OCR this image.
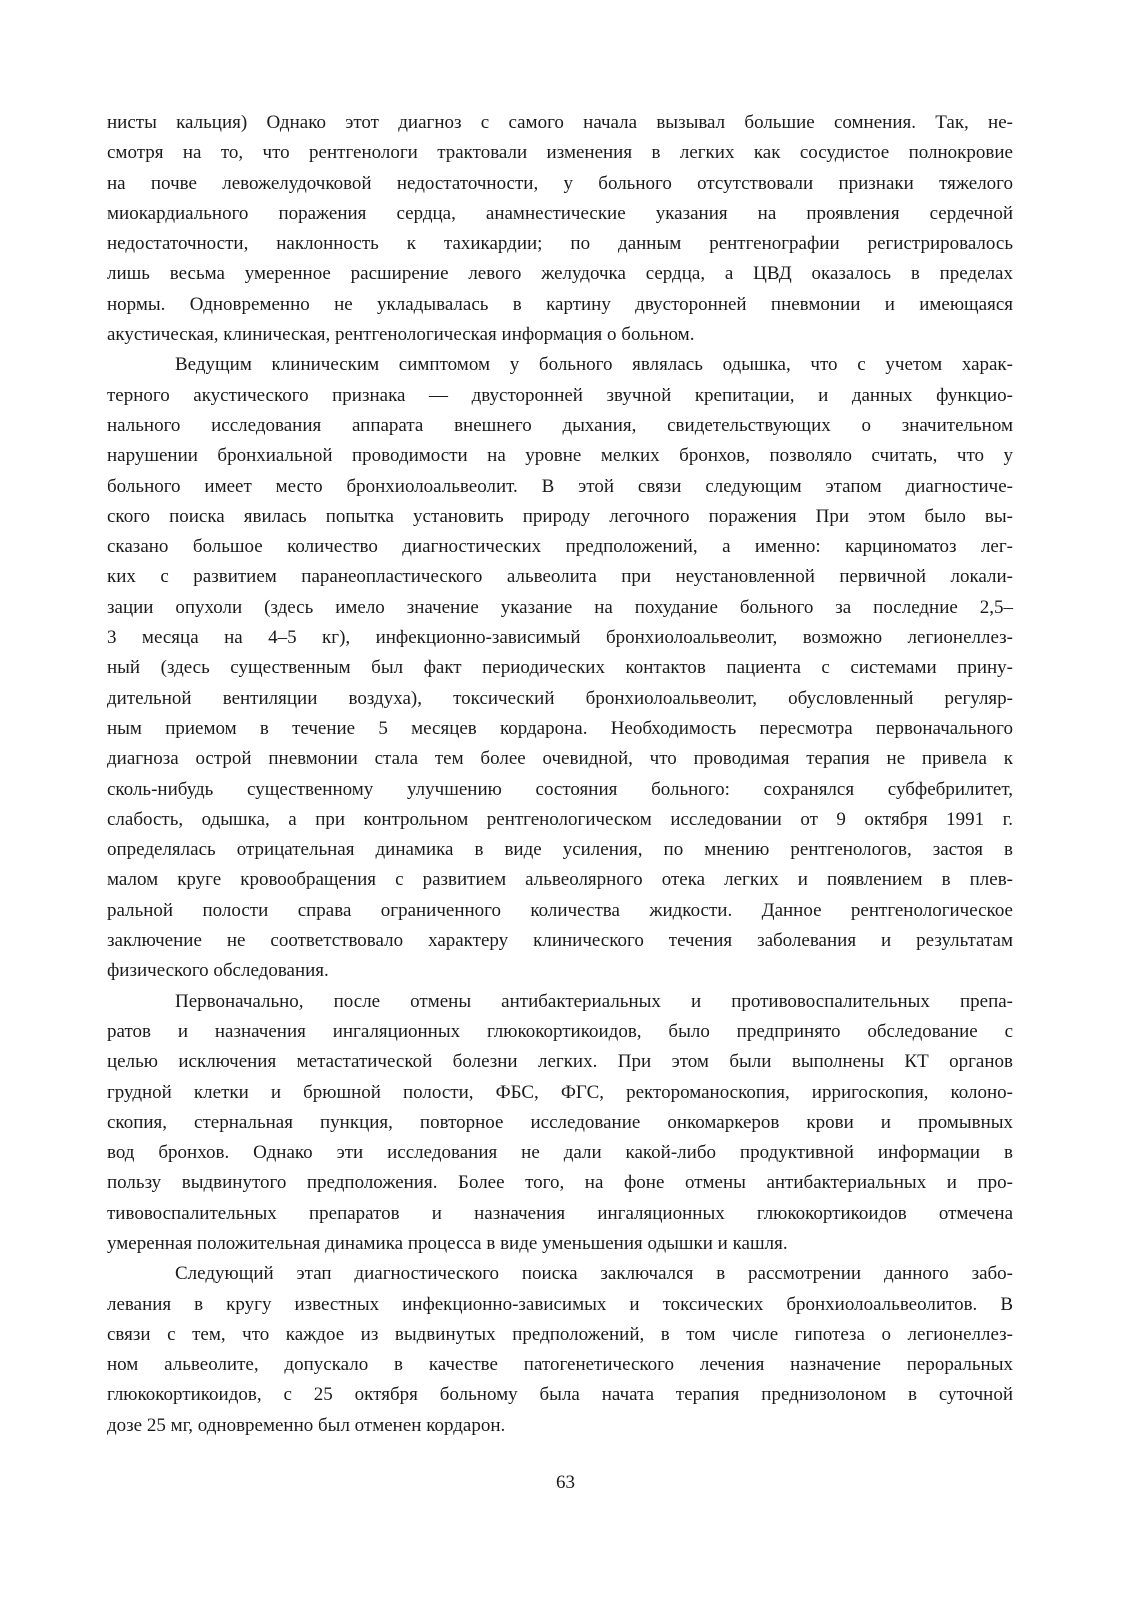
нисты кальция) Однако этот диагноз с самого начала вызывал большие сомнения. Так, не-
смотря на то, что рентгенологи трактовали изменения в легких как сосудистое полнокровие
на почве левожелудочковой недостаточности, у больного отсутствовали признаки тяжелого
миокардиального поражения сердца, анамнестические указания на проявления сердечной
недостаточности, наклонность к тахикардии; по данным рентгенографии регистрировалось
лишь весьма умеренное расширение левого желудочка сердца, а ЦВД оказалось в пределах
нормы. Одновременно не укладывалась в картину двусторонней пневмонии и имеющаяся
акустическая, клиническая, рентгенологическая информация о больном.
Ведущим клиническим симптомом у больного являлась одышка, что с учетом харак-
терного акустического признака — двусторонней звучной крепитации, и данных функцио-
нального исследования аппарата внешнего дыхания, свидетельствующих о значительном
нарушении бронхиальной проводимости на уровне мелких бронхов, позволяло считать, что у
больного имеет место бронхиолоальвеолит. В этой связи следующим этапом диагностиче-
ского поиска явилась попытка установить природу легочного поражения При этом было вы-
сказано большое количество диагностических предположений, а именно: карциноматоз лег-
ких с развитием паранеопластического альвеолита при неустановленной первичной локали-
зации опухоли (здесь имело значение указание на похудание больного за последние 2,5–
3 месяца на 4–5 кг), инфекционно-зависимый бронхиолоальвеолит, возможно легионеллез-
ный (здесь существенным был факт периодических контактов пациента с системами прину-
дительной вентиляции воздуха), токсический бронхиолоальвеолит, обусловленный регуляр-
ным приемом в течение 5 месяцев кордарона. Необходимость пересмотра первоначального
диагноза острой пневмонии стала тем более очевидной, что проводимая терапия не привела к
сколь-нибудь существенному улучшению состояния больного: сохранялся субфебрилитет,
слабость, одышка, а при контрольном рентгенологическом исследовании от 9 октября 1991 г.
определялась отрицательная динамика в виде усиления, по мнению рентгенологов, застоя в
малом круге кровообращения с развитием альвеолярного отека легких и появлением в плев-
ральной полости справа ограниченного количества жидкости. Данное рентгенологическое
заключение не соответствовало характеру клинического течения заболевания и результатам
физического обследования.
Первоначально, после отмены антибактериальных и противовоспалительных препа-
ратов и назначения ингаляционных глюкокортикоидов, было предпринято обследование с
целью исключения метастатической болезни легких. При этом были выполнены КТ органов
грудной клетки и брюшной полости, ФБС, ФГС, ректороманоскопия, ирригоскопия, колоно-
скопия, стернальная пункция, повторное исследование онкомаркеров крови и промывных
вод бронхов. Однако эти исследования не дали какой-либо продуктивной информации в
пользу выдвинутого предположения. Более того, на фоне отмены антибактериальных и про-
тивовоспалительных препаратов и назначения ингаляционных глюкокортикоидов отмечена
умеренная положительная динамика процесса в виде уменьшения одышки и кашля.
Следующий этап диагностического поиска заключался в рассмотрении данного забо-
левания в кругу известных инфекционно-зависимых и токсических бронхиолоальвеолитов. В
связи с тем, что каждое из выдвинутых предположений, в том числе гипотеза о легионеллез-
ном альвеолите, допускало в качестве патогенетического лечения назначение пероральных
глюкокортикоидов, с 25 октября больному была начата терапия преднизолоном в суточной
дозе 25 мг, одновременно был отменен кордарон.
63
